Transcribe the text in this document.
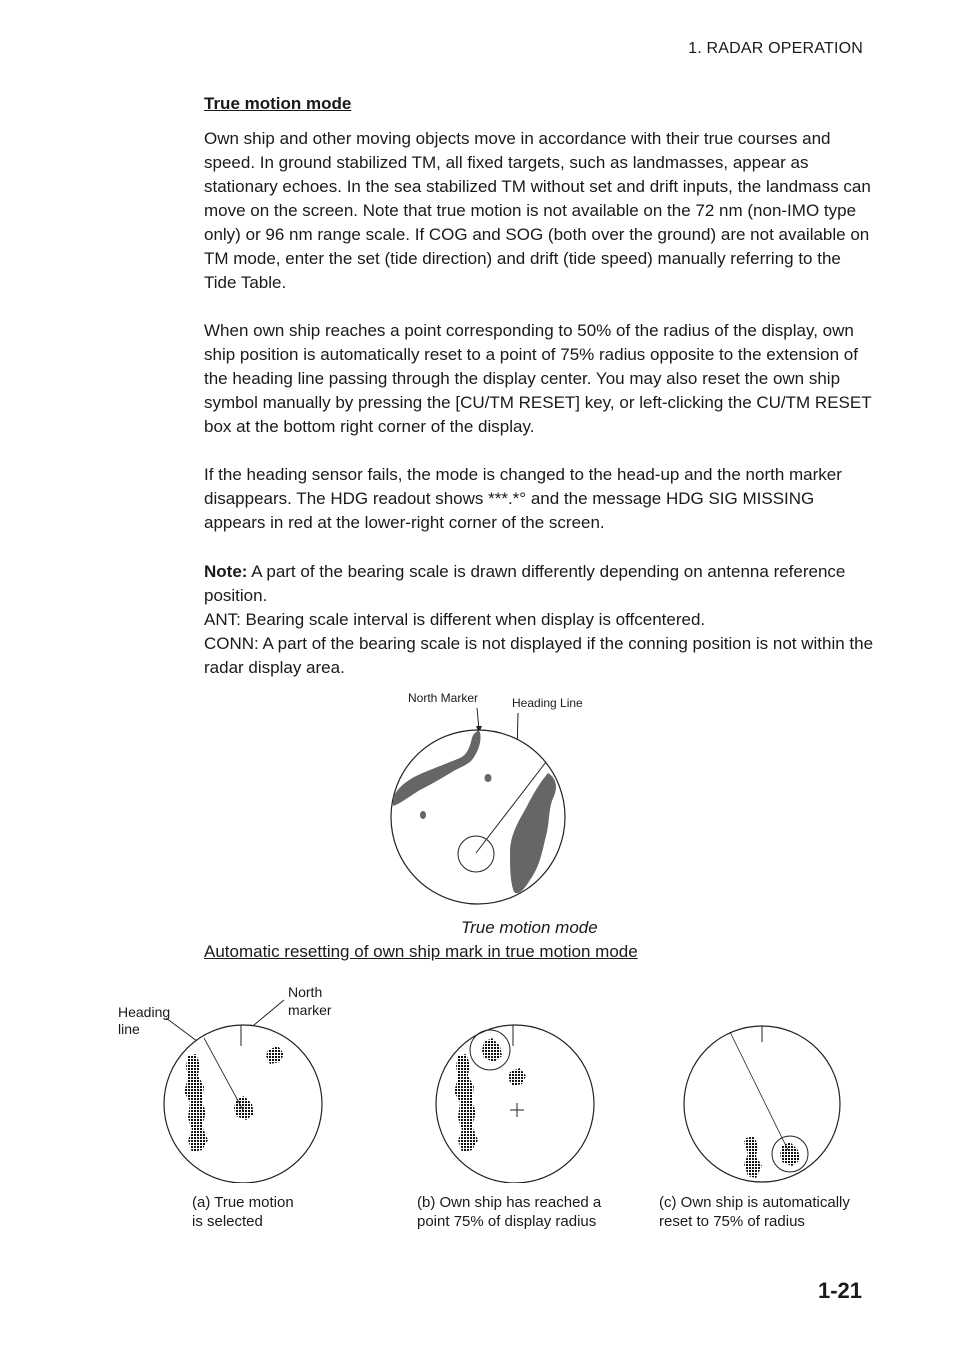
1. RADAR OPERATION
True motion mode

Own ship and other moving objects move in accordance with their true courses and speed. In ground stabilized TM, all fixed targets, such as landmasses, appear as stationary echoes. In the sea stabilized TM without set and drift inputs, the landmass can move on the screen. Note that true motion is not available on the 72 nm (non-IMO type only) or 96 nm range scale. If COG and SOG (both over the ground) are not available on TM mode, enter the set (tide direction) and drift (tide speed) manually referring to the Tide Table.

When own ship reaches a point corresponding to 50% of the radius of the display, own ship position is automatically reset to a point of 75% radius opposite to the extension of the heading line passing through the display center. You may also reset the own ship symbol manually by pressing the [CU/TM RESET] key, or left-clicking the CU/TM RESET box at the bottom right corner of the display.

If the heading sensor fails, the mode is changed to the head-up and the north marker disappears. The HDG readout shows ***.*° and the message HDG SIG MISSING appears in red at the lower-right corner of the screen.

Note: A part of the bearing scale is drawn differently depending on antenna reference position.

ANT: Bearing scale interval is different when display is offcentered.

CONN: A part of the bearing scale is not displayed if the conning position is not within the radar display area.

North Marker	Heading Line
True motion mode
Automatic resetting of own ship mark in true motion mode
Heading
line
North
marker
(a) True motion
is selected
(b) Own ship has reached a
point 75% of display radius
(c) Own ship is automatically
reset to 75% of radius
1-21
